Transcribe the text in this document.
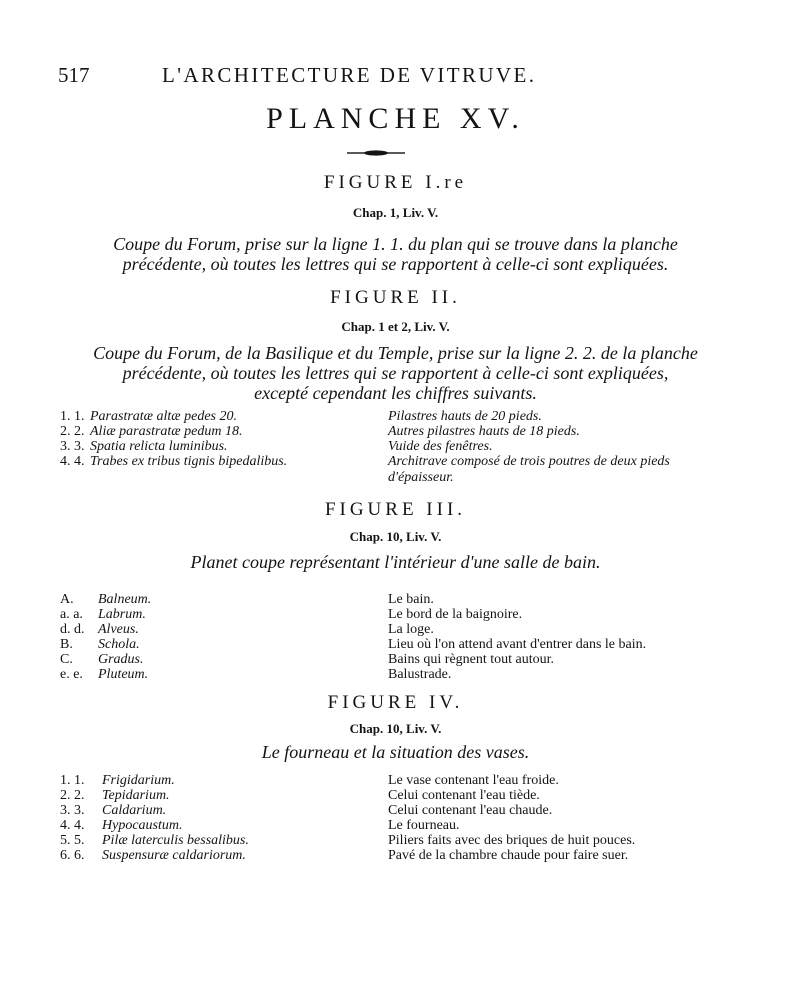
517	L'ARCHITECTURE DE VITRUVE.
PLANCHE XV.
FIGURE I.re
Chap. 1, Liv. V.
Coupe du Forum, prise sur la ligne 1. 1. du plan qui se trouve dans la planche
précédente, où toutes les lettres qui se rapportent à celle-ci sont expliquées.
FIGURE II.
Chap. 1 et 2, Liv. V.
Coupe du Forum, de la Basilique et du Temple, prise sur la ligne 2. 2. de la planche
précédente, où toutes les lettres qui se rapportent à celle-ci sont expliquées,
excepté cependant les chiffres suivants.
1. 1. Parastratæ altæ pedes 20.	Pilastres hauts de 20 pieds.
2. 2. Aliæ parastratæ pedum 18.	Autres pilastres hauts de 18 pieds.
3. 3. Spatia relicta luminibus.	Vuide des fenêtres.
4. 4. Trabes ex tribus tignis bipedalibus.	Architrave composé de trois poutres de deux pieds d'épaisseur.
FIGURE III.
Chap. 10, Liv. V.
Planet coupe représentant l'intérieur d'une salle de bain.
A. Balneum.	Le bain.
a. a. Labrum.	Le bord de la baignoire.
d. d. Alveus.	La loge.
B. Schola.	Lieu où l'on attend avant d'entrer dans le bain.
C. Gradus.	Bains qui règnent tout autour.
e. e. Pluteum.	Balustrade.
FIGURE IV.
Chap. 10, Liv. V.
Le fourneau et la situation des vases.
1. 1. Frigidarium.	Le vase contenant l'eau froide.
2. 2. Tepidarium.	Celui contenant l'eau tiède.
3. 3. Caldarium.	Celui contenant l'eau chaude.
4. 4. Hypocaustum.	Le fourneau.
5. 5. Pilæ laterculis bessalibus.	Piliers faits avec des briques de huit pouces.
6. 6. Suspensuræ caldariorum.	Pavé de la chambre chaude pour faire suer.
